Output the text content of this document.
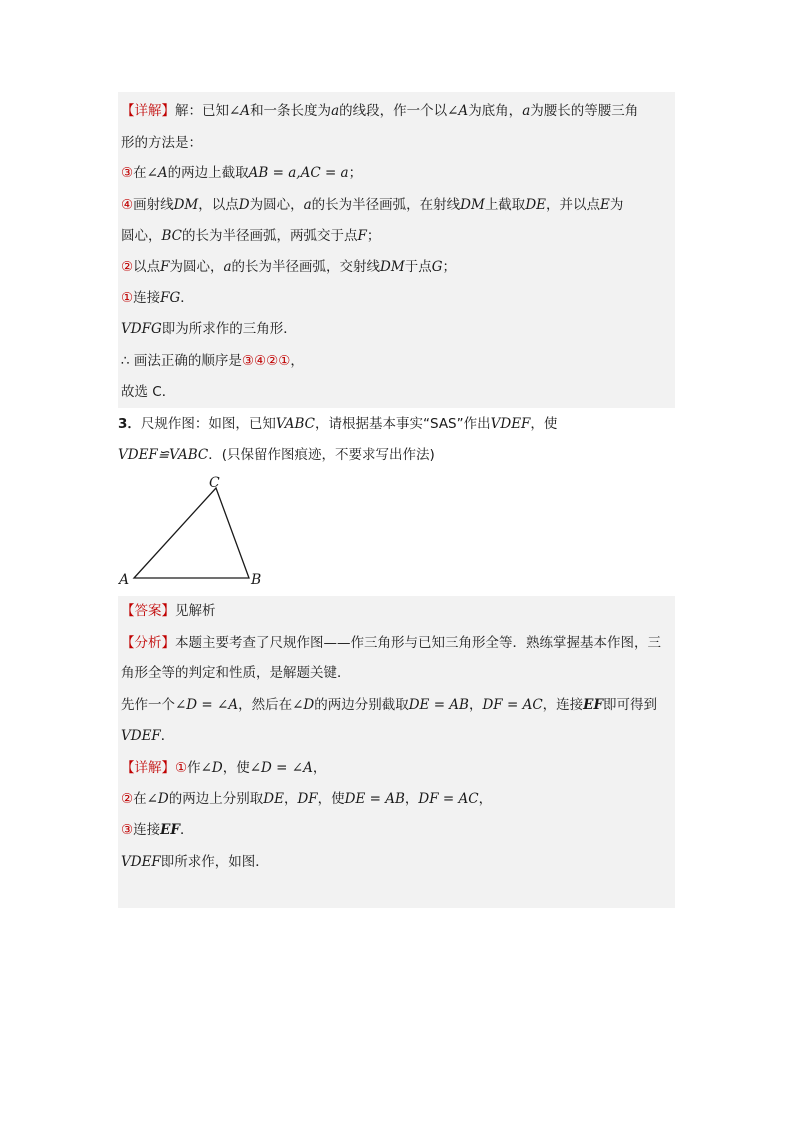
【详解】解：已知∠A和一条长度为a的线段，作一个以∠A为底角，a为腰长的等腰三角
形的方法是：
③在∠A的两边上截取AB = a,AC = a；
④画射线DM，以点D为圆心，a的长为半径画弧，在射线DM上截取DE，并以点E为
圆心，BC的长为半径画弧，两弧交于点F；
②以点F为圆心，a的长为半径画弧，交射线DM于点G；
①连接FG．
VDFG即为所求作的三角形．
∴ 画法正确的顺序是③④②①，
故选 C．
3．尺规作图：如图，已知VABC，请根据基本事实“SAS”作出VDEF，使
VDEF≌VABC．(只保留作图痕迹，不要求写出作法)
A	B
C
【答案】见解析
【分析】本题主要考查了尺规作图——作三角形与已知三角形全等．熟练掌握基本作图，三
角形全等的判定和性质，是解题关键．
先作一个∠D = ∠A，然后在∠D的两边分别截取DE = AB，DF = AC，连接EF即可得到
VDEF．
【详解】①作∠D，使∠D = ∠A，
②在∠D的两边上分别取DE，DF，使DE = AB，DF = AC，
③连接EF．
VDEF即所求作，如图．
